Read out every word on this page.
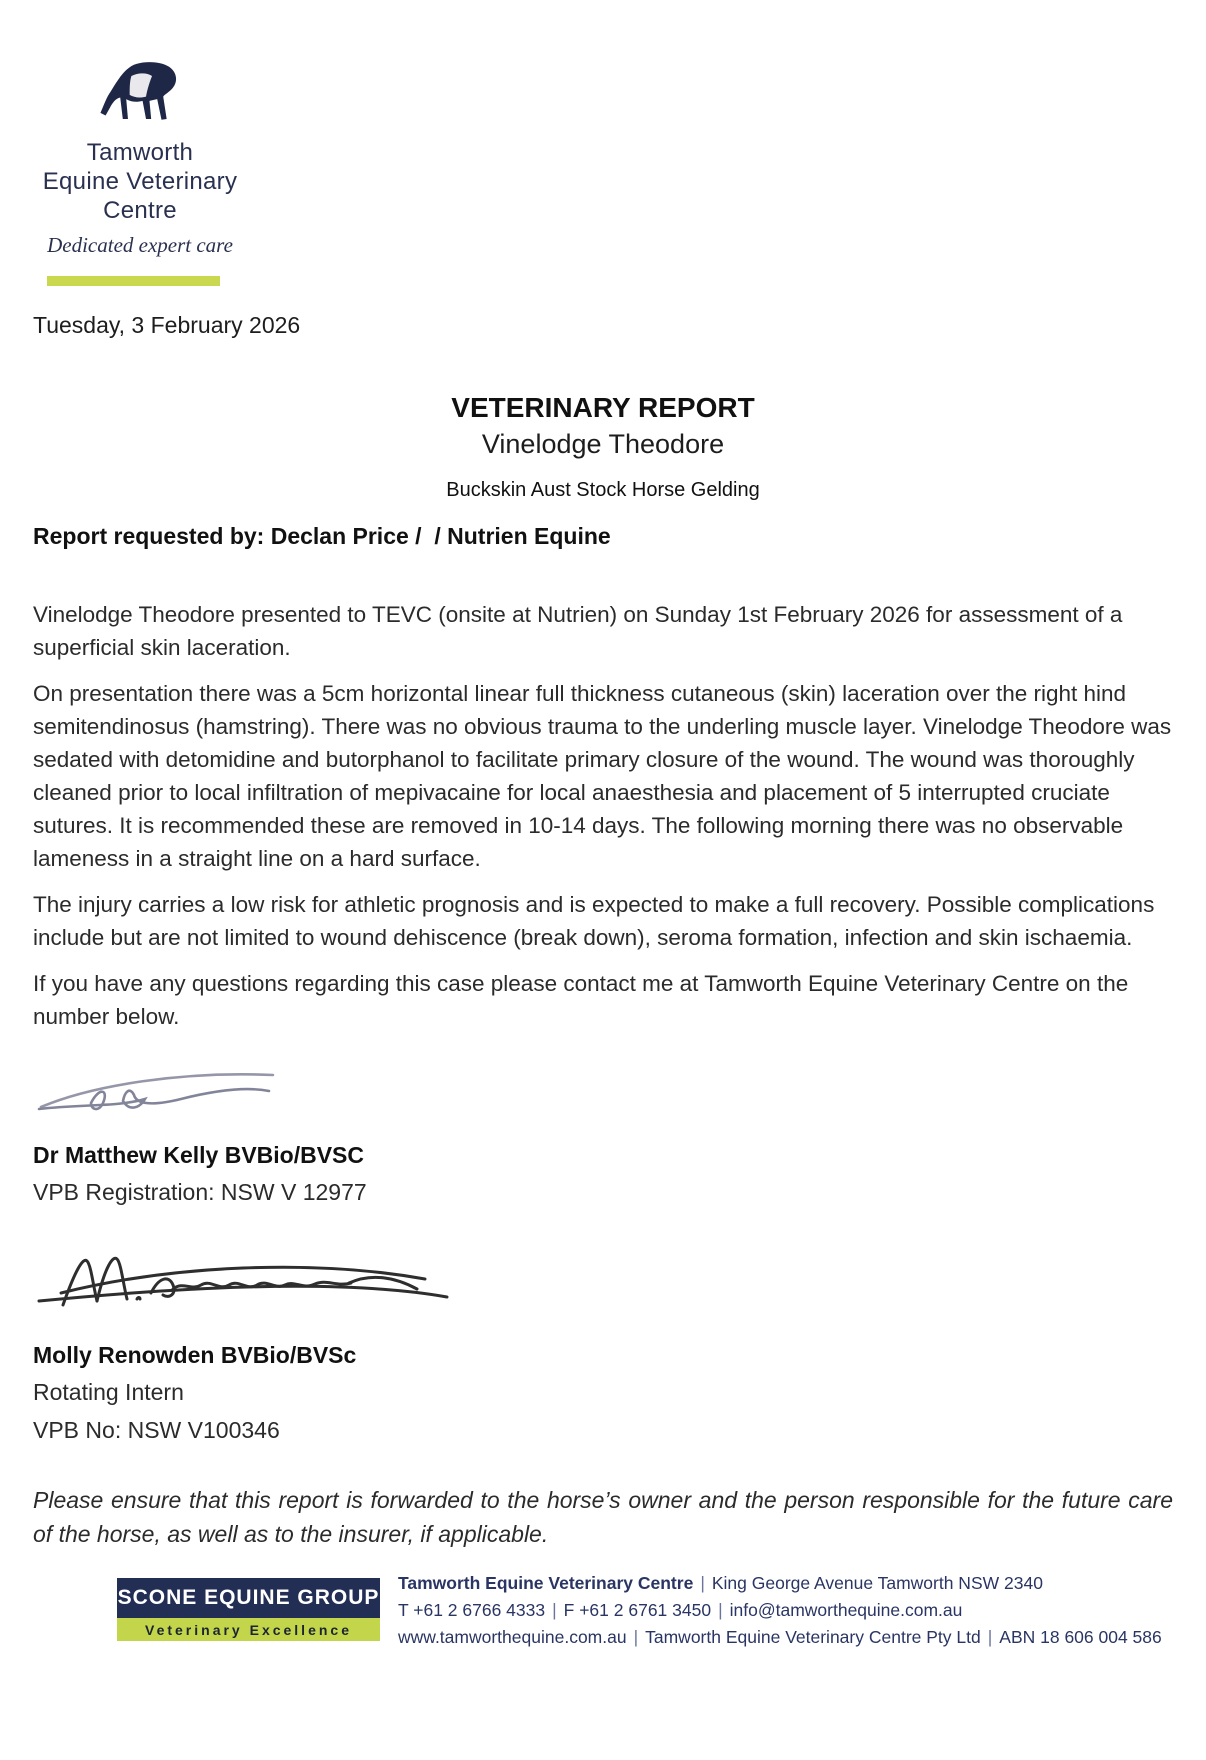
Tamworth
Equine Veterinary
Centre
Dedicated expert care
Tuesday, 3 February 2026
VETERINARY REPORT
Vinelodge Theodore
Buckskin Aust Stock Horse Gelding
Report requested by: Declan Price /  / Nutrien Equine

Vinelodge Theodore presented to TEVC (onsite at Nutrien) on Sunday 1st February 2026 for assessment of a superficial skin laceration.

On presentation there was a 5cm horizontal linear full thickness cutaneous (skin) laceration over the right hind semitendinosus (hamstring). There was no obvious trauma to the underling muscle layer. Vinelodge Theodore was sedated with detomidine and butorphanol to facilitate primary closure of the wound. The wound was thoroughly cleaned prior to local infiltration of mepivacaine for local anaesthesia and placement of 5 interrupted cruciate sutures. It is recommended these are removed in 10-14 days. The following morning there was no observable lameness in a straight line on a hard surface.

The injury carries a low risk for athletic prognosis and is expected to make a full recovery. Possible complications include but are not limited to wound dehiscence (break down), seroma formation, infection and skin ischaemia.

If you have any questions regarding this case please contact me at Tamworth Equine Veterinary Centre on the number below.

Dr Matthew Kelly BVBio/BVSC
VPB Registration: NSW V 12977
Molly Renowden BVBio/BVSc
Rotating Intern
VPB No: NSW V100346
Please ensure that this report is forwarded to the horse’s owner and the person responsible for the future care of the horse, as well as to the insurer, if applicable.
SCONE EQUINE GROUP
Veterinary Excellence
Tamworth Equine Veterinary Centre | King George Avenue Tamworth NSW 2340
T +61 2 6766 4333 | F +61 2 6761 3450 | info@tamworthequine.com.au
www.tamworthequine.com.au | Tamworth Equine Veterinary Centre Pty Ltd | ABN 18 606 004 586
